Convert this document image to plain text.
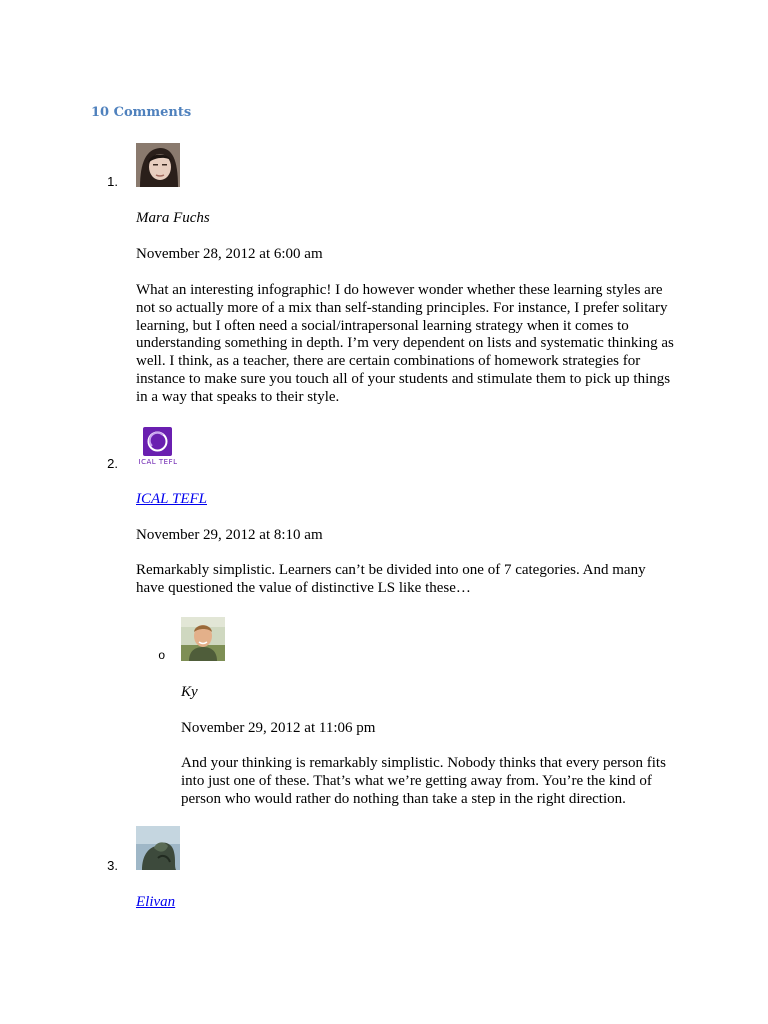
10 Comments
1.
Mara Fuchs
November 28, 2012 at 6:00 am

What an interesting infographic! I do however wonder whether these learning styles are not so actually more of a mix than self-standing principles. For instance, I prefer solitary learning, but I often need a social/intrapersonal learning strategy when it comes to understanding something in depth. I’m very dependent on lists and systematic thinking as well. I think, as a teacher, there are certain combinations of homework strategies for instance to make sure you touch all of your students and stimulate them to pick up things in a way that speaks to their style.

2.	ICAL TEFL
ICAL TEFL
November 29, 2012 at 8:10 am

Remarkably simplistic. Learners can’t be divided into one of 7 categories. And many have questioned the value of distinctive LS like these…

o
Ky
November 29, 2012 at 11:06 pm

And your thinking is remarkably simplistic. Nobody thinks that every person fits into just one of these. That’s what we’re getting away from. You’re the kind of person who would rather do nothing than take a step in the right direction.

3.
Elivan
